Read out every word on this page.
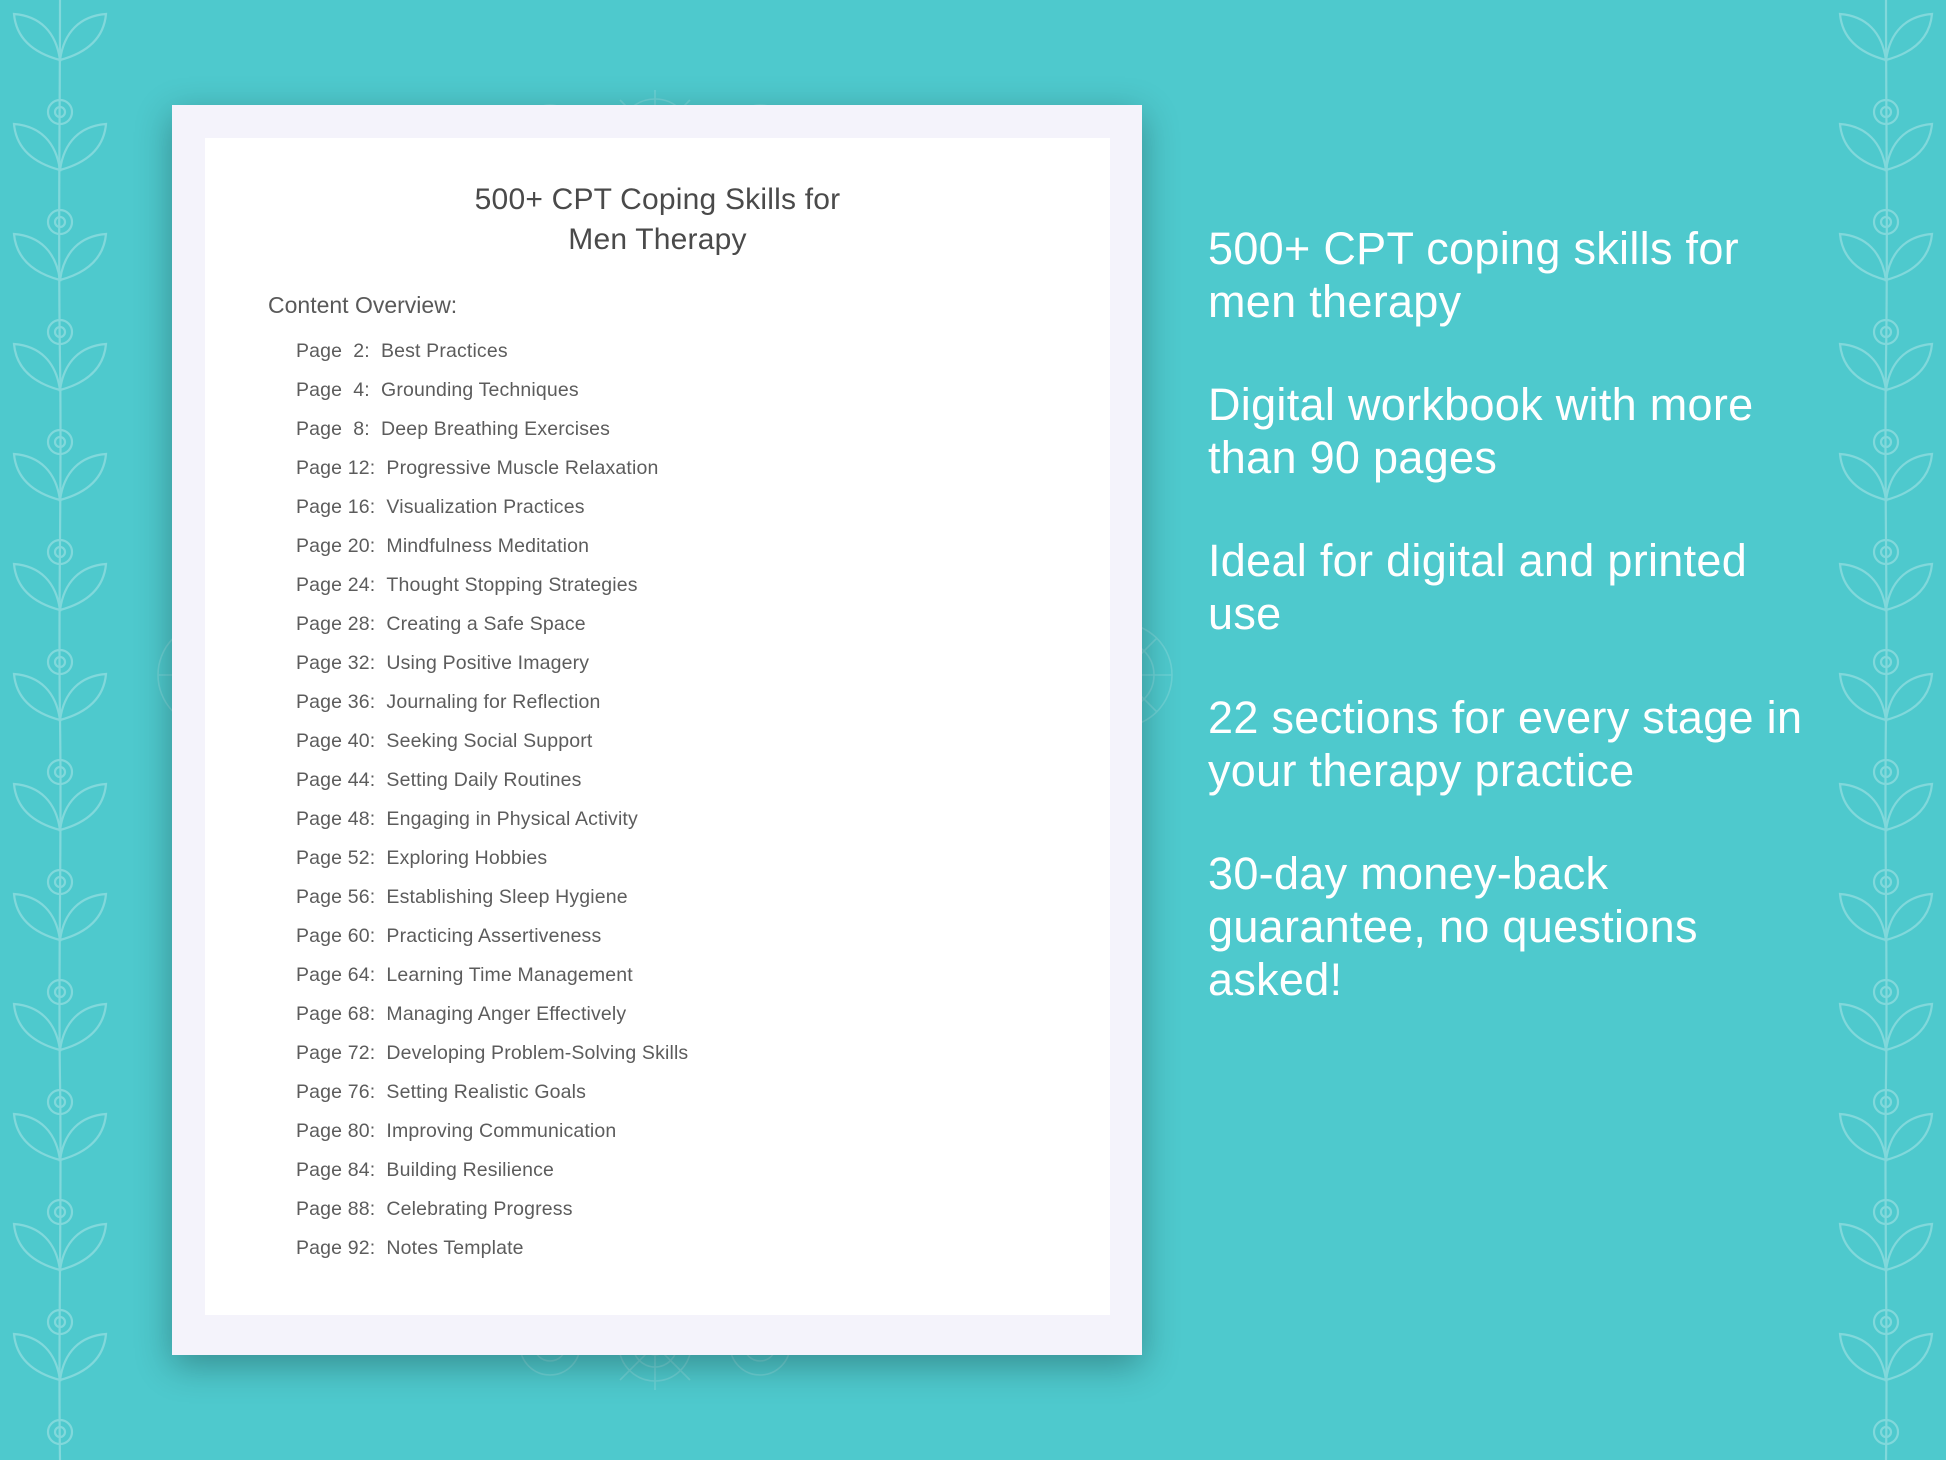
500+ CPT Coping Skills for
Men Therapy
Content Overview:
Page  2 :
Best Practices
Page  4 :
Grounding Techniques
Page  8 :
Deep Breathing Exercises
Page 12 :
Progressive Muscle Relaxation
Page 16 :
Visualization Practices
Page 20 :
Mindfulness Meditation
Page 24 :
Thought Stopping Strategies
Page 28 :
Creating a Safe Space
Page 32 :
Using Positive Imagery
Page 36 :
Journaling for Reflection
Page 40 :
Seeking Social Support
Page 44 :
Setting Daily Routines
Page 48 :
Engaging in Physical Activity
Page 52 :
Exploring Hobbies
Page 56 :
Establishing Sleep Hygiene
Page 60 :
Practicing Assertiveness
Page 64 :
Learning Time Management
Page 68 :
Managing Anger Effectively
Page 72 :
Developing Problem-Solving Skills
Page 76 :
Setting Realistic Goals
Page 80 :
Improving Communication
Page 84 :
Building Resilience
Page 88 :
Celebrating Progress
Page 92 :
Notes Template
500+ CPT coping skills for men therapy
Digital workbook with more than 90 pages
Ideal for digital and printed use
22 sections for every stage in your therapy practice
30-day money-back guarantee, no questions asked!
